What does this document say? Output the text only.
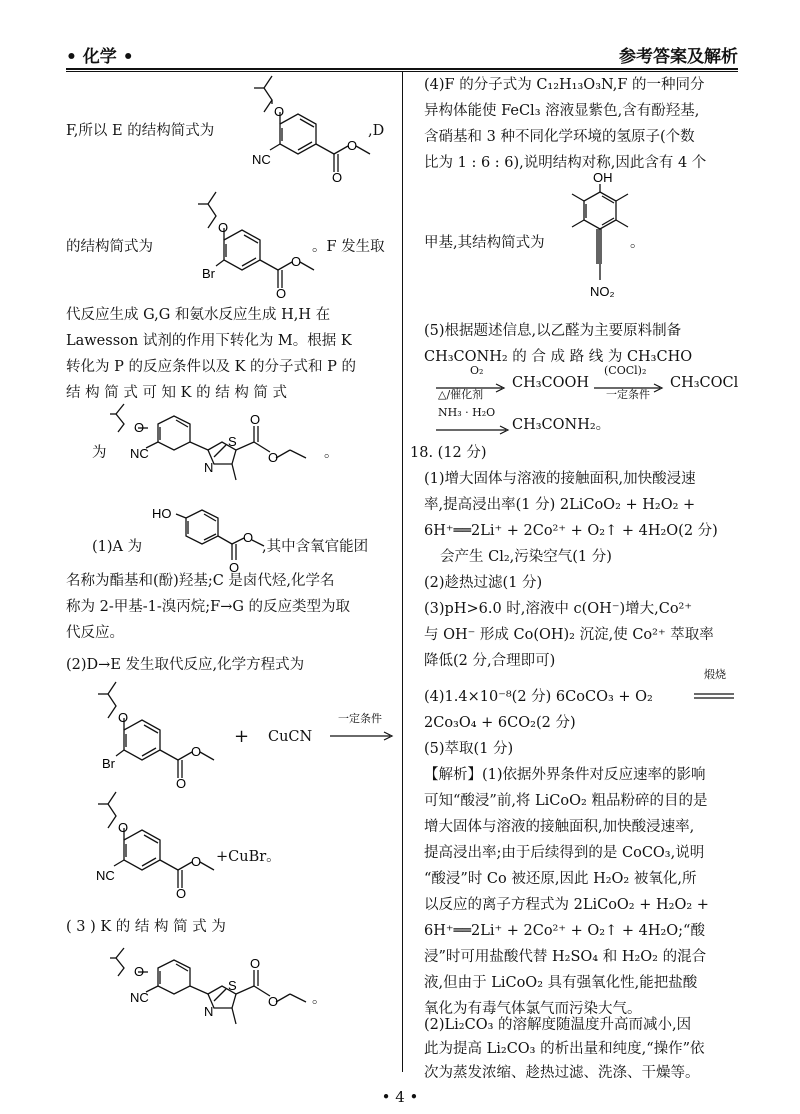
• 化学 •	参考答案及解析
F,所以 E 的结构简式为	,D
O
NC
O
O
的结构简式为	。F 发生取
O
Br
O
O
代反应生成 G,G 和氨水反应生成 H,H 在
Lawesson 试剂的作用下转化为 M。根据 K
转化为 P 的反应条件以及 K 的分子式和 P 的
结 构 简 式 可 知 K 的 结 构 简 式
为	。
O
NC
S
N
O
O
(1)A 为	,其中含氧官能团
HO
O
O
名称为酯基和(酚)羟基;C 是卤代烃,化学名
称为 2-甲基-1-溴丙烷;F→G 的反应类型为取
代反应。
(2)D→E 发生取代反应,化学方程式为
O
Br
O
O
+ CuCN
一定条件
O
NC
O
O +CuBr。
( 3 ) K 的 结 构 简 式 为
O
NC
S
N
O
O 。
(4)F 的分子式为 C₁₂H₁₃O₃N,F 的一种同分
异构体能使 FeCl₃ 溶液显紫色,含有酚羟基,
含硝基和 3 种不同化学环境的氢原子(个数
比为 1 : 6 : 6),说明结构对称,因此含有 4 个
OH
NO₂
甲基,其结构简式为	。
(5)根据题述信息,以乙醛为主要原料制备
CH₃CONH₂ 的 合 成 路 线 为 CH₃CHO
O₂
△/催化剂
CH₃COOH
(COCl)₂
一定条件
CH₃COCl
NH₃ · H₂O
CH₃CONH₂。
18. (12 分)
(1)增大固体与溶液的接触面积,加快酸浸速
率,提高浸出率(1 分) 2LiCoO₂ + H₂O₂ +
6H⁺══2Li⁺ + 2Co²⁺ + O₂↑ + 4H₂O(2 分)
会产生 Cl₂,污染空气(1 分)
(2)趁热过滤(1 分)
(3)pH>6.0 时,溶液中 c(OH⁻)增大,Co²⁺
与 OH⁻ 形成 Co(OH)₂ 沉淀,使 Co²⁺ 萃取率
降低(2 分,合理即可)
(4)1.4×10⁻⁸(2 分) 6CoCO₃ + O₂
煅烧
2Co₃O₄ + 6CO₂(2 分)
(5)萃取(1 分)
【解析】(1)依据外界条件对反应速率的影响
可知“酸浸”前,将 LiCoO₂ 粗品粉碎的目的是
增大固体与溶液的接触面积,加快酸浸速率,
提高浸出率;由于后续得到的是 CoCO₃,说明
“酸浸”时 Co 被还原,因此 H₂O₂ 被氧化,所
以反应的离子方程式为 2LiCoO₂ + H₂O₂ +
6H⁺══2Li⁺ + 2Co²⁺ + O₂↑ + 4H₂O;“酸
浸”时可用盐酸代替 H₂SO₄ 和 H₂O₂ 的混合
液,但由于 LiCoO₂ 具有强氧化性,能把盐酸
氧化为有毒气体氯气而污染大气。
(2)Li₂CO₃ 的溶解度随温度升高而减小,因
此为提高 Li₂CO₃ 的析出量和纯度,“操作”依
次为蒸发浓缩、趁热过滤、洗涤、干燥等。
• 4 •
